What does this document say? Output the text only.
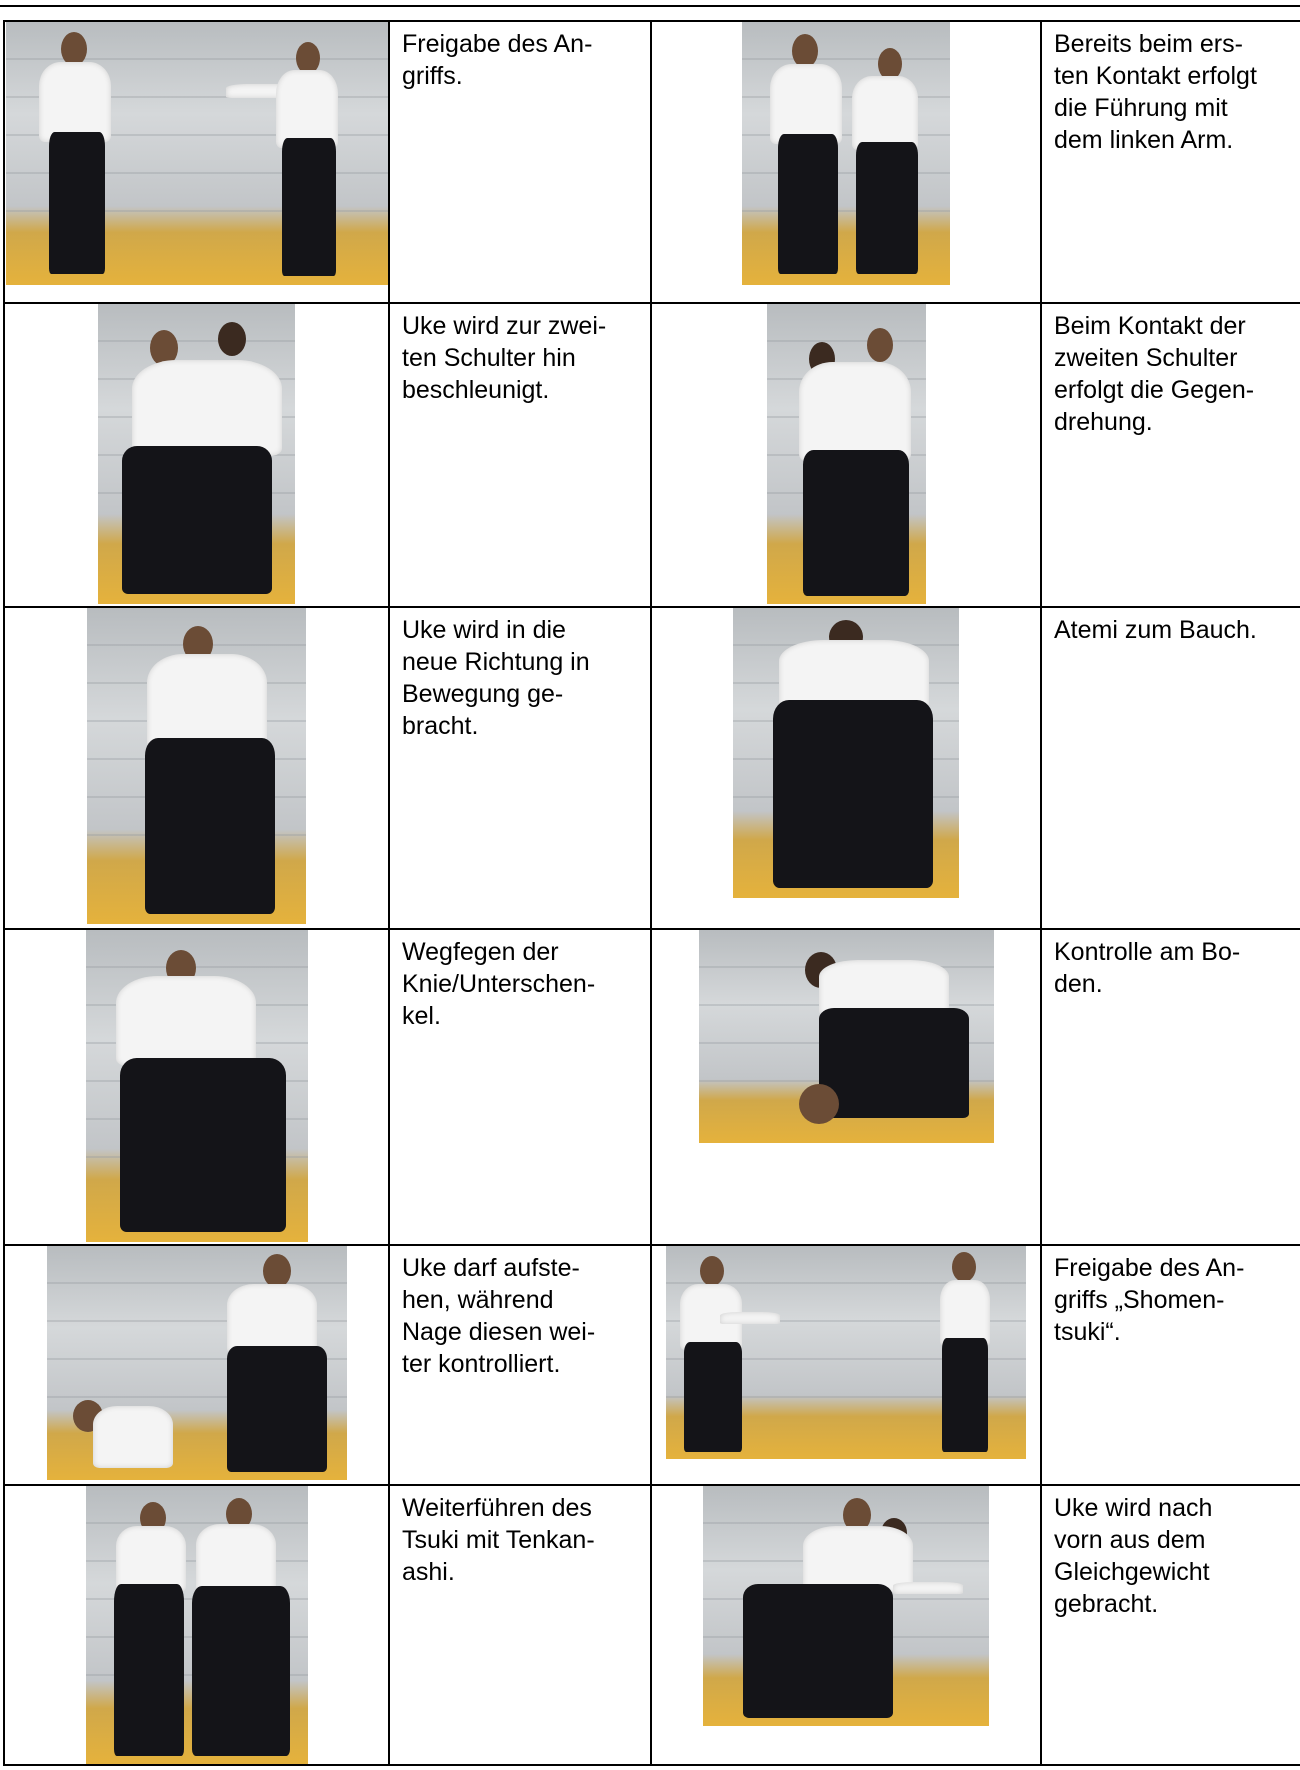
	Freigabe des An-
griffs.		Bereits beim ers-
ten Kontakt erfolgt
die Führung mit
dem linken Arm.

	Uke wird zur zwei-
ten Schulter hin
beschleunigt.		Beim Kontakt der
zweiten Schulter
erfolgt die Gegen-
drehung.

	Uke wird in die
neue Richtung in
Bewegung ge-
bracht.		Atemi zum Bauch.

	Wegfegen der
Knie/Unterschen-
kel.		Kontrolle am Bo-
den.

	Uke darf aufste-
hen, während
Nage diesen wei-
ter kontrolliert.		Freigabe des An-
griffs „Shomen-
tsuki“.

	Weiterführen des
Tsuki mit Tenkan-
ashi.		Uke wird nach
vorn aus dem
Gleichgewicht
gebracht.
